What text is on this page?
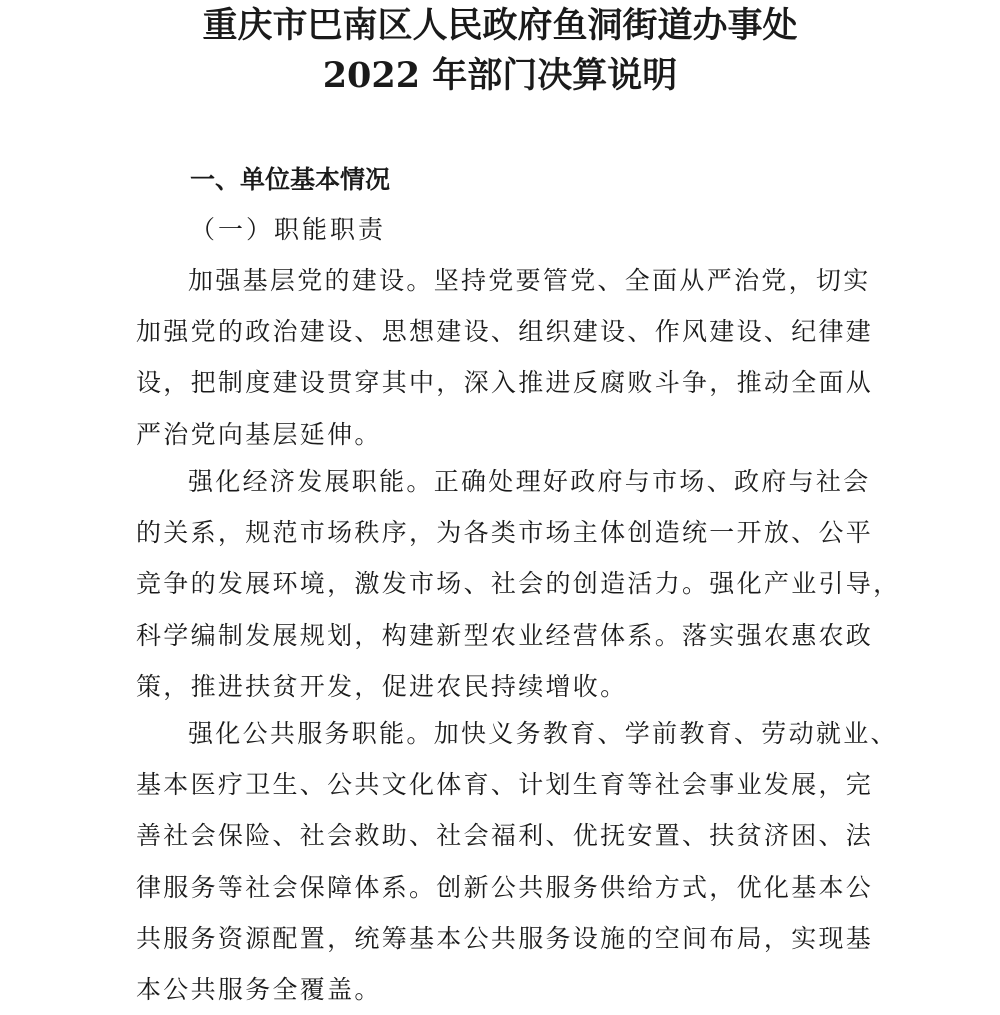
重庆市巴南区人民政府鱼洞街道办事处
2022 年部门决算说明
一、单位基本情况
（一）职能职责
加强基层党的建设。坚持党要管党、全面从严治党，切实
加强党的政治建设、思想建设、组织建设、作风建设、纪律建
设，把制度建设贯穿其中，深入推进反腐败斗争，推动全面从
严治党向基层延伸。
强化经济发展职能。正确处理好政府与市场、政府与社会
的关系，规范市场秩序，为各类市场主体创造统一开放、公平
竞争的发展环境，激发市场、社会的创造活力。强化产业引导，
科学编制发展规划，构建新型农业经营体系。落实强农惠农政
策，推进扶贫开发，促进农民持续增收。
强化公共服务职能。加快义务教育、学前教育、劳动就业、
基本医疗卫生、公共文化体育、计划生育等社会事业发展，完
善社会保险、社会救助、社会福利、优抚安置、扶贫济困、法
律服务等社会保障体系。创新公共服务供给方式，优化基本公
共服务资源配置，统筹基本公共服务设施的空间布局，实现基
本公共服务全覆盖。
